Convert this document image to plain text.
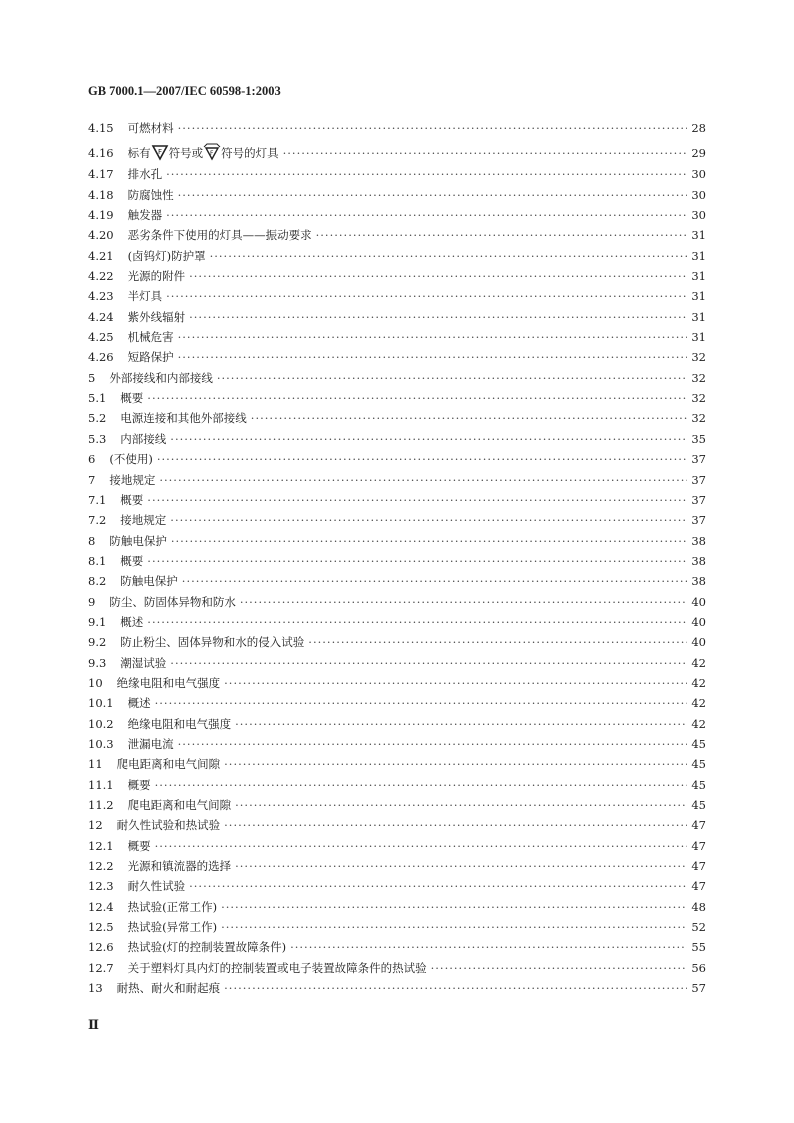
GB 7000.1—2007/IEC 60598-1:2003
4.15	可燃材料 ·····	28
4.16	标有 F 符号或 F 符号的灯具 ·····	29
4.17	排水孔 ·····	30
4.18	防腐蚀性 ·····	30
4.19	触发器 ·····	30
4.20	恶劣条件下使用的灯具——振动要求 ·····	31
4.21	(卤钨灯)防护罩 ·····	31
4.22	光源的附件 ·····	31
4.23	半灯具 ·····	31
4.24	紫外线辐射 ·····	31
4.25	机械危害 ·····	31
4.26	短路保护 ·····	32
5	外部接线和内部接线 ·····	32
5.1	概要 ·····	32
5.2	电源连接和其他外部接线 ·····	32
5.3	内部接线 ·····	35
6	(不使用) ·····	37
7	接地规定 ·····	37
7.1	概要 ·····	37
7.2	接地规定 ·····	37
8	防触电保护 ·····	38
8.1	概要 ·····	38
8.2	防触电保护 ·····	38
9	防尘、防固体异物和防水 ·····	40
9.1	概述 ·····	40
9.2	防止粉尘、固体异物和水的侵入试验 ·····	40
9.3	潮湿试验 ·····	42
10	绝缘电阻和电气强度 ·····	42
10.1	概述 ·····	42
10.2	绝缘电阻和电气强度 ·····	42
10.3	泄漏电流 ·····	45
11	爬电距离和电气间隙 ·····	45
11.1	概要 ·····	45
11.2	爬电距离和电气间隙 ·····	45
12	耐久性试验和热试验 ·····	47
12.1	概要 ·····	47
12.2	光源和镇流器的选择 ·····	47
12.3	耐久性试验 ·····	47
12.4	热试验(正常工作) ·····	48
12.5	热试验(异常工作) ·····	52
12.6	热试验(灯的控制装置故障条件) ·····	55
12.7	关于塑料灯具内灯的控制装置或电子装置故障条件的热试验 ·····	56
13	耐热、耐火和耐起痕 ·····	57
Ⅱ
